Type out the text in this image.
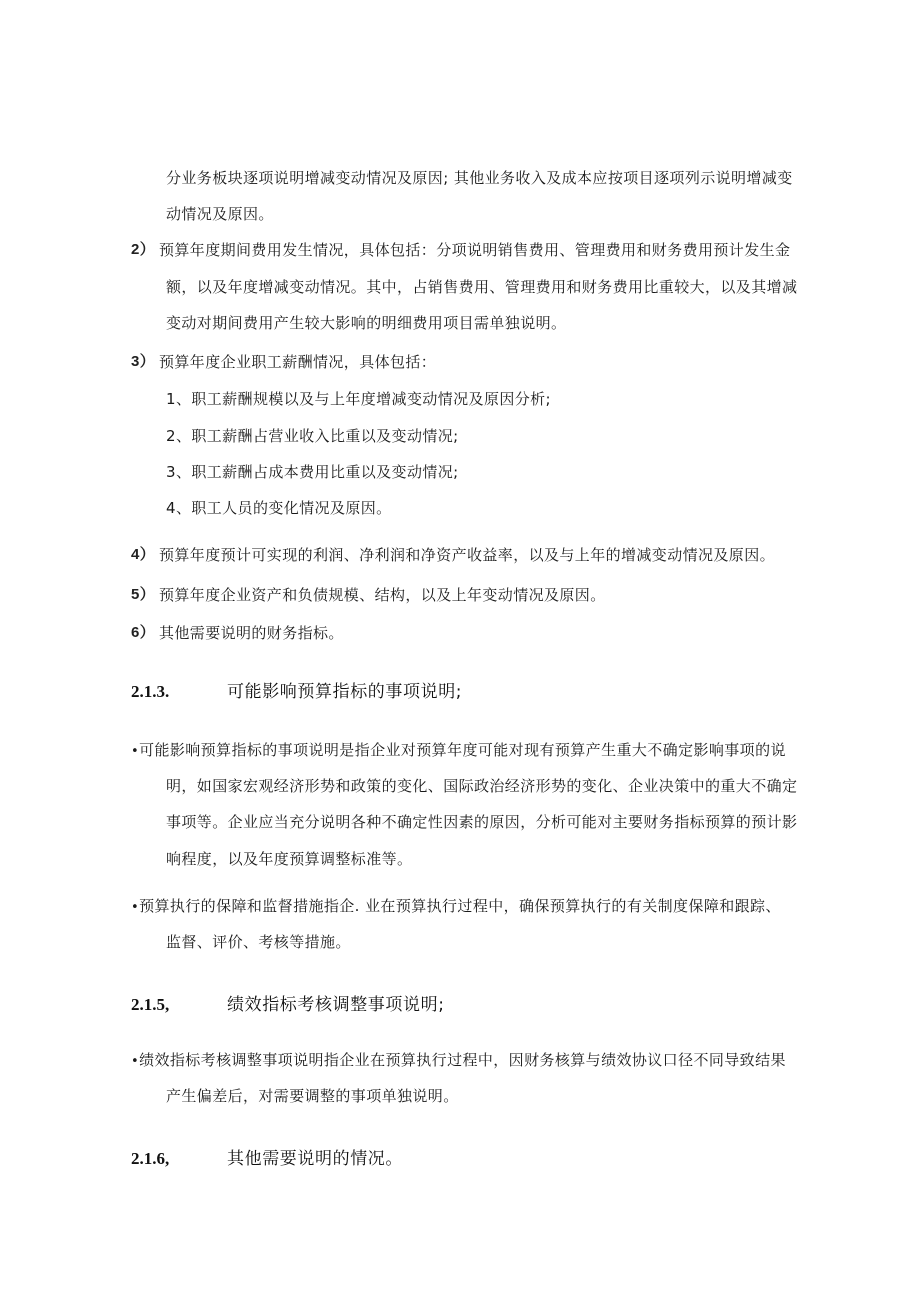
分业务板块逐项说明增减变动情况及原因; 其他业务收入及成本应按项目逐项列示说明增减变
动情况及原因。
2） 预算年度期间费用发生情况，具体包括：分项说明销售费用、管理费用和财务费用预计发生金
额，以及年度增减变动情况。其中，占销售费用、管理费用和财务费用比重较大，以及其增减
变动对期间费用产生较大影响的明细费用项目需单独说明。
3） 预算年度企业职工薪酬情况，具体包括：
1、职工薪酬规模以及与上年度增减变动情况及原因分析;
2、职工薪酬占营业收入比重以及变动情况;
3、职工薪酬占成本费用比重以及变动情况;
4、职工人员的变化情况及原因。
4） 预算年度预计可实现的利润、净利润和净资产收益率，以及与上年的增减变动情况及原因。
5） 预算年度企业资产和负债规模、结构，以及上年变动情况及原因。
6） 其他需要说明的财务指标。
2.1.3.	可能影响预算指标的事项说明;
•可能影响预算指标的事项说明是指企业对预算年度可能对现有预算产生重大不确定影响事项的说
明，如国家宏观经济形势和政策的变化、国际政治经济形势的变化、企业决策中的重大不确定
事项等。企业应当充分说明各种不确定性因素的原因，分析可能对主要财务指标预算的预计影
响程度，以及年度预算调整标准等。
•预算执行的保障和监督措施指企. 业在预算执行过程中，确保预算执行的有关制度保障和跟踪、
监督、评价、考核等措施。
2.1.5,	绩效指标考核调整事项说明;
•绩效指标考核调整事项说明指企业在预算执行过程中，因财务核算与绩效协议口径不同导致结果
产生偏差后，对需要调整的事项单独说明。
2.1.6,	其他需要说明的情况。
